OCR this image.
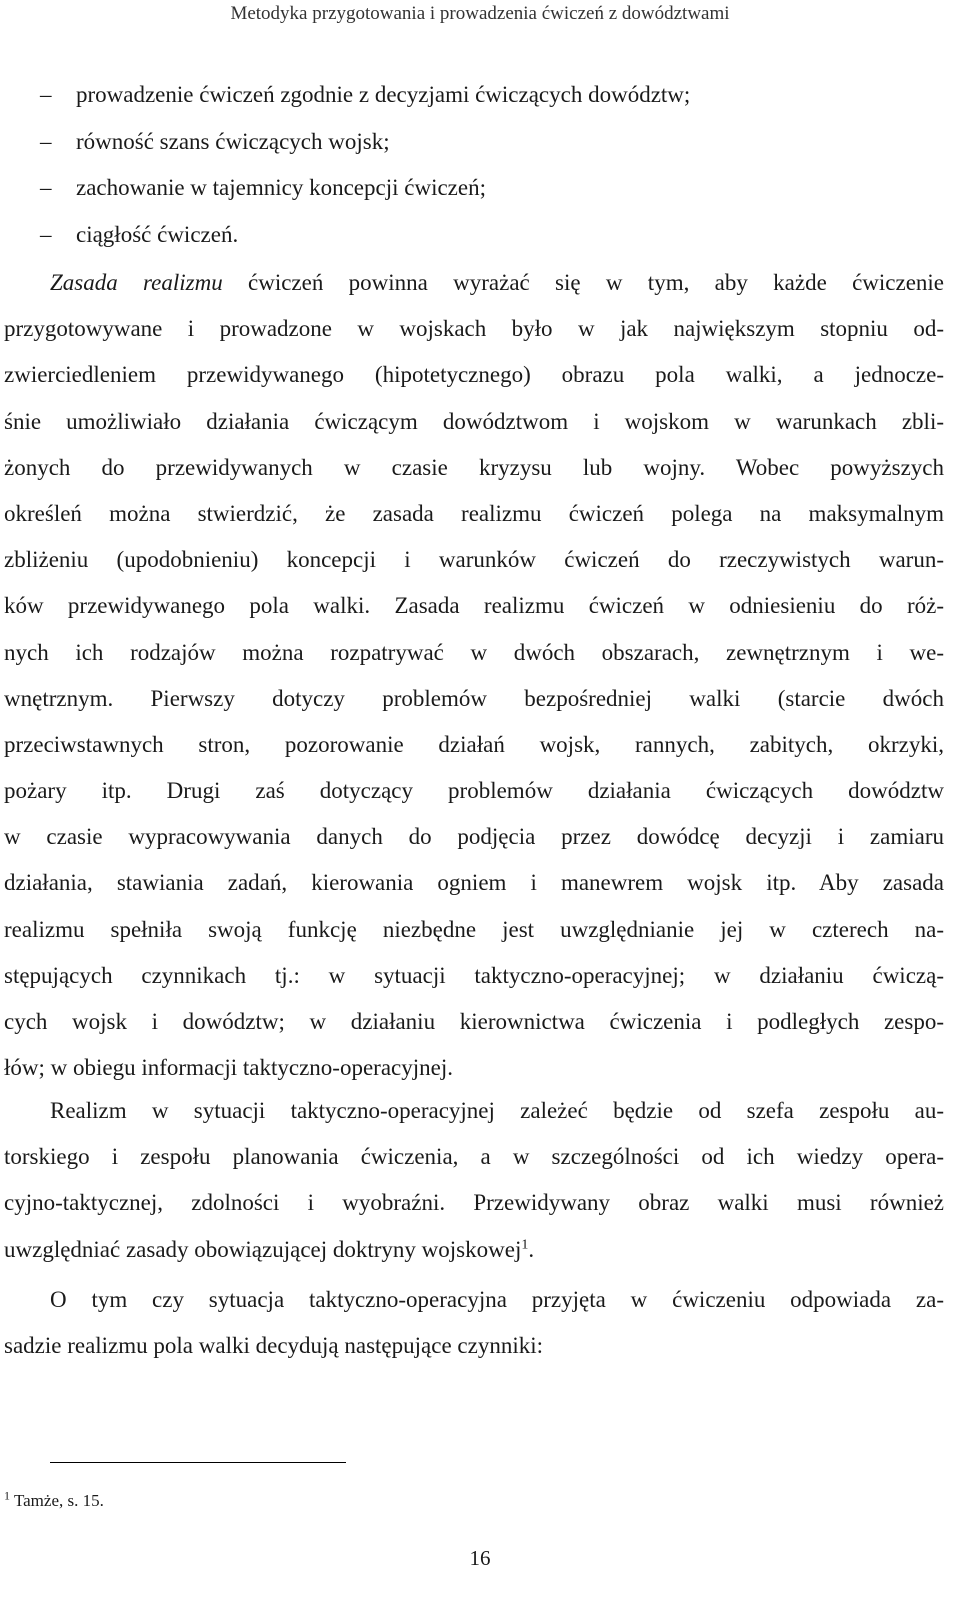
Metodyka przygotowania i prowadzenia ćwiczeń z dowództwami
– prowadzenie ćwiczeń zgodnie z decyzjami ćwiczących dowództw;
– równość szans ćwiczących wojsk;
– zachowanie w tajemnicy koncepcji ćwiczeń;
– ciągłość ćwiczeń.
Zasada realizmu ćwiczeń powinna wyrażać się w tym, aby każde ćwiczenie
przygotowywane i prowadzone w wojskach było w jak największym stopniu od-
zwierciedleniem przewidywanego (hipotetycznego) obrazu pola walki, a jednocze-
śnie umożliwiało działania ćwiczącym dowództwom i wojskom w warunkach zbli-
żonych do przewidywanych w czasie kryzysu lub wojny. Wobec powyższych
określeń można stwierdzić, że zasada realizmu ćwiczeń polega na maksymalnym
zbliżeniu (upodobnieniu) koncepcji i warunków ćwiczeń do rzeczywistych warun-
ków przewidywanego pola walki. Zasada realizmu ćwiczeń w odniesieniu do róż-
nych ich rodzajów można rozpatrywać w dwóch obszarach, zewnętrznym i we-
wnętrznym. Pierwszy dotyczy problemów bezpośredniej walki (starcie dwóch
przeciwstawnych stron, pozorowanie działań wojsk, rannych, zabitych, okrzyki,
pożary itp. Drugi zaś dotyczący problemów działania ćwiczących dowództw
w czasie wypracowywania danych do podjęcia przez dowódcę decyzji i zamiaru
działania, stawiania zadań, kierowania ogniem i manewrem wojsk itp. Aby zasada
realizmu spełniła swoją funkcję niezbędne jest uwzględnianie jej w czterech na-
stępujących czynnikach tj.: w sytuacji taktyczno-operacyjnej; w działaniu ćwiczą-
cych wojsk i dowództw; w działaniu kierownictwa ćwiczenia i podległych zespo-
łów; w obiegu informacji taktyczno-operacyjnej.
Realizm w sytuacji taktyczno-operacyjnej zależeć będzie od szefa zespołu au-
torskiego i zespołu planowania ćwiczenia, a w szczególności od ich wiedzy opera-
cyjno-taktycznej, zdolności i wyobraźni. Przewidywany obraz walki musi również
uwzględniać zasady obowiązującej doktryny wojskowej$^1$.
O tym czy sytuacja taktyczno-operacyjna przyjęta w ćwiczeniu odpowiada za-
sadzie realizmu pola walki decydują następujące czynniki:
$^1$ Tamże, s. 15.
16
